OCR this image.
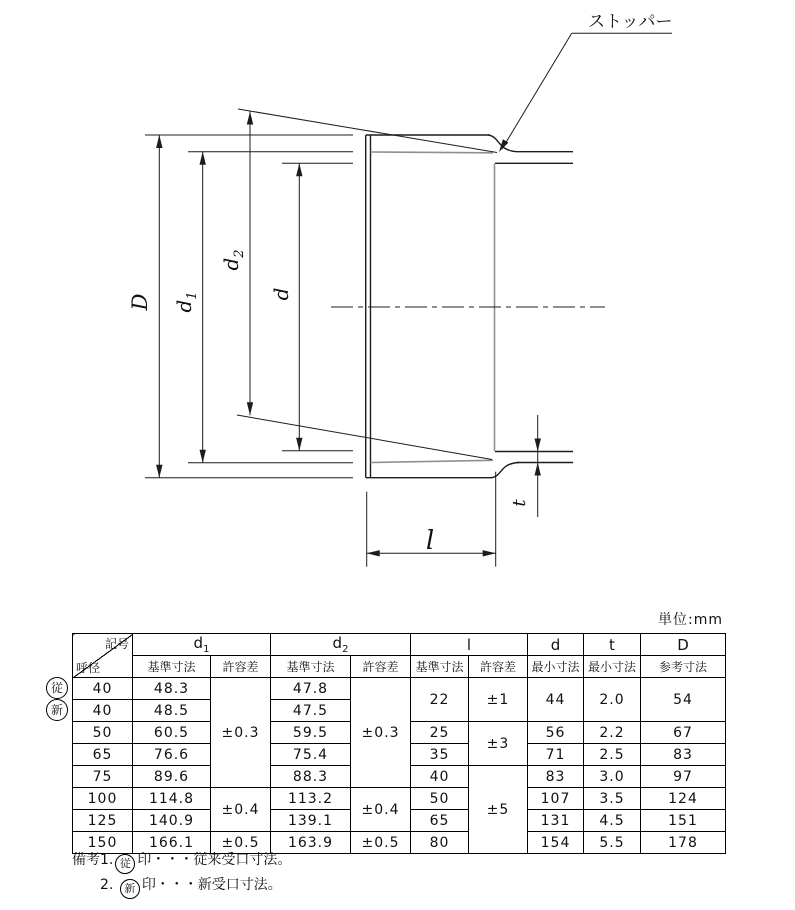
ストッパー
D $d_1$
$d_2$
d
l
t
単位:mm
記号
呼径	$d_1$		$d_2$		l		d	t	D
	基準寸法	許容差	基準寸法	許容差	基準寸法	許容差	最小寸法	最小寸法	参考寸法
40	48.3	±0.3	47.8	±0.3	22	±1	44	2.0	54
40	48.5		47.5						
50	60.5		59.5		25	±3	56	2.2	67
65	76.6		75.4		35		71	2.5	83
75	89.6		88.3		40	±5	83	3.0	97
100	114.8	±0.4	113.2	±0.4	50		107	3.5	124
125	140.9		139.1		65		131	4.5	151
150	166.1	±0.5	163.9	±0.5	80		154	5.5	178
従
新
備考1. 従 印・・・従来受口寸法。
2. 新 印・・・新受口寸法。
